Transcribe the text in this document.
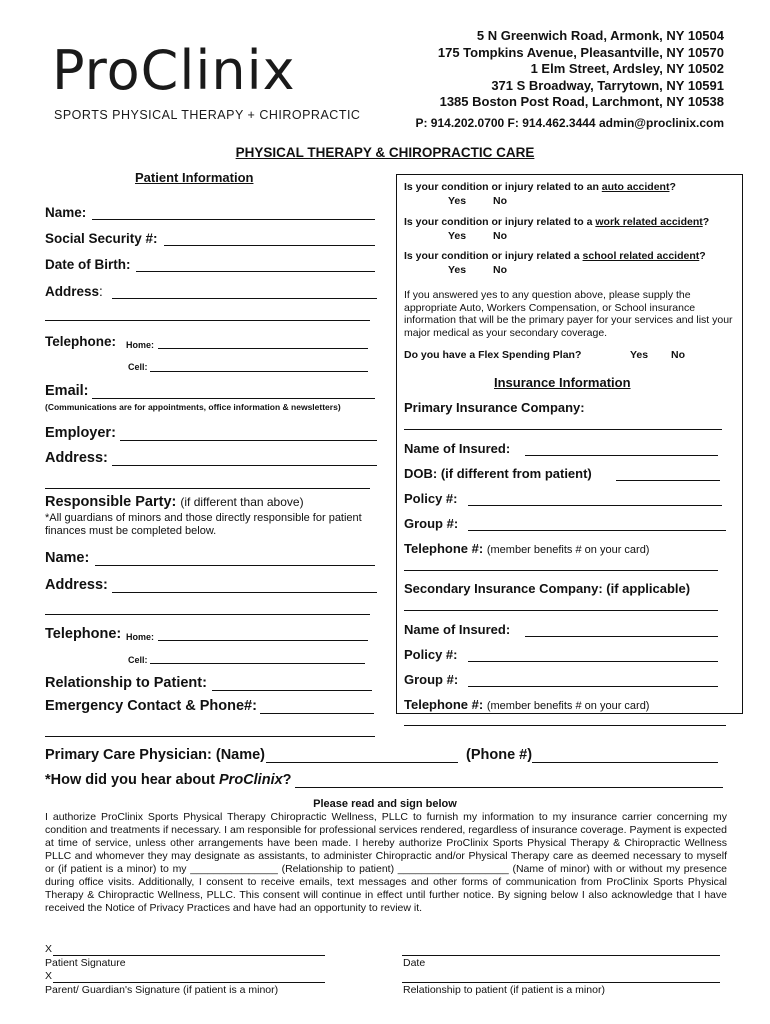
ProClinix
SPORTS PHYSICAL THERAPY + CHIROPRACTIC
5 N Greenwich Road, Armonk, NY 10504
175 Tompkins Avenue, Pleasantville, NY 10570
1 Elm Street, Ardsley, NY 10502
371 S Broadway, Tarrytown, NY 10591
1385 Boston Post Road, Larchmont, NY 10538
P: 914.202.0700 F: 914.462.3444 admin@proclinix.com
PHYSICAL THERAPY & CHIROPRACTIC CARE
Patient Information
Name:
Social Security #:
Date of Birth:
Address:
Telephone: Home:
Cell:
Email:
(Communications are for appointments, office information & newsletters)
Employer:
Address:
Responsible Party: (if different than above)
*All guardians of minors and those directly responsible for patient finances must be completed below.
Name:
Address:
Telephone: Home:
Cell:
Relationship to Patient:
Emergency Contact & Phone#:
Is your condition or injury related to an auto accident?
Yes	No
Is your condition or injury related to a work related accident?
Yes	No
Is your condition or injury related a school related accident?
Yes	No
If you answered yes to any question above, please supply the appropriate Auto, Workers Compensation, or School insurance information that will be the primary payer for your services and list your major medical as your secondary coverage.
Do you have a Flex Spending Plan?	Yes No
Insurance Information
Primary Insurance Company:
Name of Insured:
DOB: (if different from patient)
Policy #:
Group #:
Telephone #: (member benefits # on your card)
Secondary Insurance Company: (if applicable)
Name of Insured:
Policy #:
Group #:
Telephone #: (member benefits # on your card)
Primary Care Physician: (Name)	(Phone #)
*How did you hear about ProClinix?
Please read and sign below
I authorize ProClinix Sports Physical Therapy Chiropractic Wellness, PLLC to furnish my information to my insurance carrier concerning my condition and treatments if necessary. I am responsible for professional services rendered, regardless of insurance coverage. Payment is expected at time of service, unless other arrangements have been made. I hereby authorize ProClinix Sports Physical Therapy & Chiropractic Wellness PLLC and whomever they may designate as assistants, to administer Chiropractic and/or Physical Therapy care as deemed necessary to myself or (if patient is a minor) to my _______________ (Relationship to patient) ___________________ (Name of minor) with or without my presence during office visits. Additionally, I consent to receive emails, text messages and other forms of communication from ProClinix Sports Physical Therapy & Chiropractic Wellness, PLLC. This consent will continue in effect until further notice. By signing below I also acknowledge that I have received the Notice of Privacy Practices and have had an opportunity to review it.
X
Patient Signature	Date
X
Parent/ Guardian's Signature (if patient is a minor)	Relationship to patient (if patient is a minor)
